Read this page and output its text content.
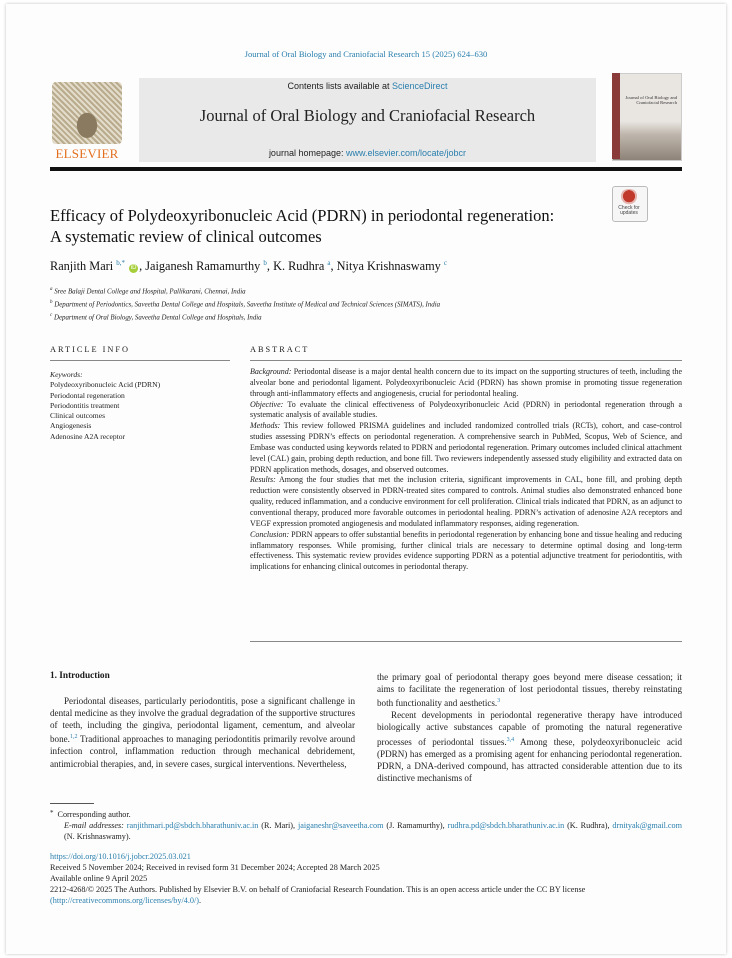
Journal of Oral Biology and Craniofacial Research 15 (2025) 624–630
ELSEVIER
Contents lists available at ScienceDirect
Journal of Oral Biology and Craniofacial Research
journal homepage: www.elsevier.com/locate/jobcr
Journal of Oral Biology and Craniofacial Research
Check for updates
Efficacy of Polydeoxyribonucleic Acid (PDRN) in periodontal regeneration:
A systematic review of clinical outcomes
Ranjith Mari $^{b,*}$ iD , Jaiganesh Ramamurthy $^b$, K. Rudhra $^a$, Nitya Krishnaswamy $^c$
$^a$ Sree Balaji Dental College and Hospital, Pallikarani, Chennai, India
$^b$ Department of Periodontics, Saveetha Dental College and Hospitals, Saveetha Institute of Medical and Technical Sciences (SIMATS), India
$^c$ Department of Oral Biology, Saveetha Dental College and Hospitals, India
ARTICLE INFO	ABSTRACT
Keywords:
Polydeoxyribonucleic Acid (PDRN)
Periodontal regeneration
Periodontitis treatment
Clinical outcomes
Angiogenesis
Adenosine A2A receptor

Background: Periodontal disease is a major dental health concern due to its impact on the supporting structures of teeth, including the alveolar bone and periodontal ligament. Polydeoxyribonucleic Acid (PDRN) has shown promise in promoting tissue regeneration through anti-inflammatory effects and angiogenesis, crucial for periodontal healing.

Objective: To evaluate the clinical effectiveness of Polydeoxyribonucleic Acid (PDRN) in periodontal regeneration through a systematic analysis of available studies.

Methods: This review followed PRISMA guidelines and included randomized controlled trials (RCTs), cohort, and case-control studies assessing PDRN’s effects on periodontal regeneration. A comprehensive search in PubMed, Scopus, Web of Science, and Embase was conducted using keywords related to PDRN and periodontal regeneration. Primary outcomes included clinical attachment level (CAL) gain, probing depth reduction, and bone fill. Two reviewers independently assessed study eligibility and extracted data on PDRN application methods, dosages, and observed outcomes.

Results: Among the four studies that met the inclusion criteria, significant improvements in CAL, bone fill, and probing depth reduction were consistently observed in PDRN-treated sites compared to controls. Animal studies also demonstrated enhanced bone quality, reduced inflammation, and a conducive environment for cell proliferation. Clinical trials indicated that PDRN, as an adjunct to conventional therapy, produced more favorable outcomes in periodontal healing. PDRN’s activation of adenosine A2A receptors and VEGF expression promoted angiogenesis and modulated inflammatory responses, aiding regeneration.

Conclusion: PDRN appears to offer substantial benefits in periodontal regeneration by enhancing bone and tissue healing and reducing inflammatory responses. While promising, further clinical trials are necessary to determine optimal dosing and long-term effectiveness. This systematic review provides evidence supporting PDRN as a potential adjunctive treatment for periodontitis, with implications for enhancing clinical outcomes in periodontal therapy.

1. Introduction

Periodontal diseases, particularly periodontitis, pose a significant challenge in dental medicine as they involve the gradual degradation of the supportive structures of teeth, including the gingiva, periodontal ligament, cementum, and alveolar bone.$^{1,2}$ Traditional approaches to managing periodontitis primarily revolve around infection control, inflammation reduction through mechanical debridement, antimicrobial therapies, and, in severe cases, surgical interventions. Nevertheless,

the primary goal of periodontal therapy goes beyond mere disease cessation; it aims to facilitate the regeneration of lost periodontal tissues, thereby reinstating both functionality and aesthetics.$^3$

Recent developments in periodontal regenerative therapy have introduced biologically active substances capable of promoting the natural regenerative processes of periodontal tissues.$^{3,4}$ Among these, polydeoxyribonucleic acid (PDRN) has emerged as a promising agent for enhancing periodontal regeneration. PDRN, a DNA-derived compound, has attracted considerable attention due to its distinctive mechanisms of

* Corresponding author.
E-mail addresses: ranjithmari.pd@sbdch.bharathuniv.ac.in (R. Mari), jaiganeshr@saveetha.com (J. Ramamurthy), rudhra.pd@sbdch.bharathuniv.ac.in (K. Rudhra), drnityak@gmail.com (N. Krishnaswamy).
https://doi.org/10.1016/j.jobcr.2025.03.021
Received 5 November 2024; Received in revised form 31 December 2024; Accepted 28 March 2025
Available online 9 April 2025
2212-4268/© 2025 The Authors. Published by Elsevier B.V. on behalf of Craniofacial Research Foundation. This is an open access article under the CC BY license
(http://creativecommons.org/licenses/by/4.0/).
